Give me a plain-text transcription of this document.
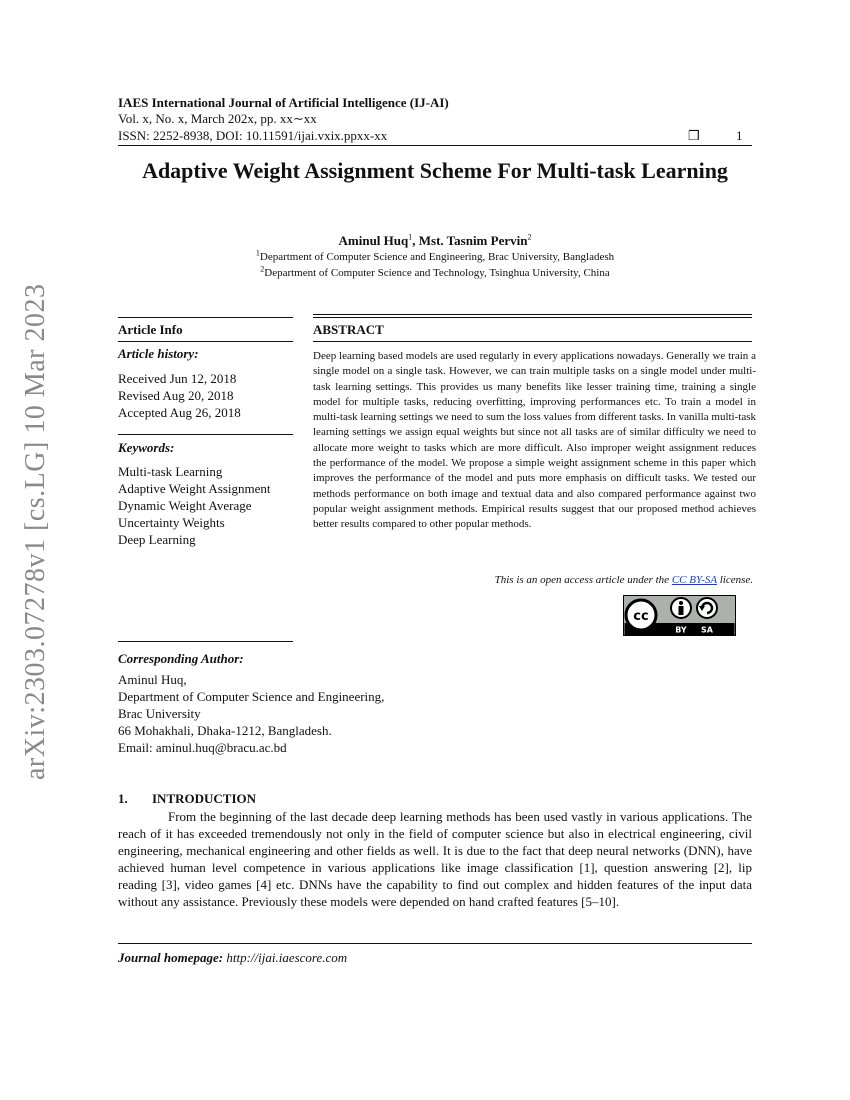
IAES International Journal of Artificial Intelligence (IJ-AI)
Vol. x, No. x, March 202x, pp. xx∼xx
ISSN: 2252-8938, DOI: 10.11591/ijai.vxix.ppxx-xx	❒	1
arXiv:2303.07278v1 [cs.LG] 10 Mar 2023
Adaptive Weight Assignment Scheme For Multi-task Learning
Aminul Huq$^1$, Mst. Tasnim Pervin$^2$
$^1$Department of Computer Science and Engineering, Brac University, Bangladesh
$^2$Department of Computer Science and Technology, Tsinghua University, China
Article Info
Article history:
Received Jun 12, 2018
Revised Aug 20, 2018
Accepted Aug 26, 2018
Keywords:
Multi-task Learning
Adaptive Weight Assignment
Dynamic Weight Average
Uncertainty Weights
Deep Learning
ABSTRACT
Deep learning based models are used regularly in every applications nowadays. Generally we train a single model on a single task. However, we can train multiple tasks on a single model under multi-task learning settings. This provides us many benefits like lesser training time, training a single model for multiple tasks, reducing overfitting, improving performances etc. To train a model in multi-task learning settings we need to sum the loss values from different tasks. In vanilla multi-task learning settings we assign equal weights but since not all tasks are of similar difficulty we need to allocate more weight to tasks which are more difficult. Also improper weight assignment reduces the performance of the model. We propose a simple weight assignment scheme in this paper which improves the performance of the model and puts more emphasis on difficult tasks. We tested our methods performance on both image and textual data and also compared performance against two popular weight assignment methods. Empirical results suggest that our proposed method achieves better results compared to other popular methods.
This is an open access article under the CC BY-SA license.
cc
BY SA
Corresponding Author:
Aminul Huq,
Department of Computer Science and Engineering,
Brac University
66 Mohakhali, Dhaka-1212, Bangladesh.
Email: aminul.huq@bracu.ac.bd
1. INTRODUCTION
From the beginning of the last decade deep learning methods has been used vastly in various applications. The reach of it has exceeded tremendously not only in the field of computer science but also in electrical engineering, civil engineering, mechanical engineering and other fields as well. It is due to the fact that deep neural networks (DNN), have achieved human level competence in various applications like image classification [1], question answering [2], lip reading [3], video games [4] etc. DNNs have the capability to find out complex and hidden features of the input data without any assistance. Previously these models were depended on hand crafted features [5–10].
Journal homepage: http://ijai.iaescore.com
